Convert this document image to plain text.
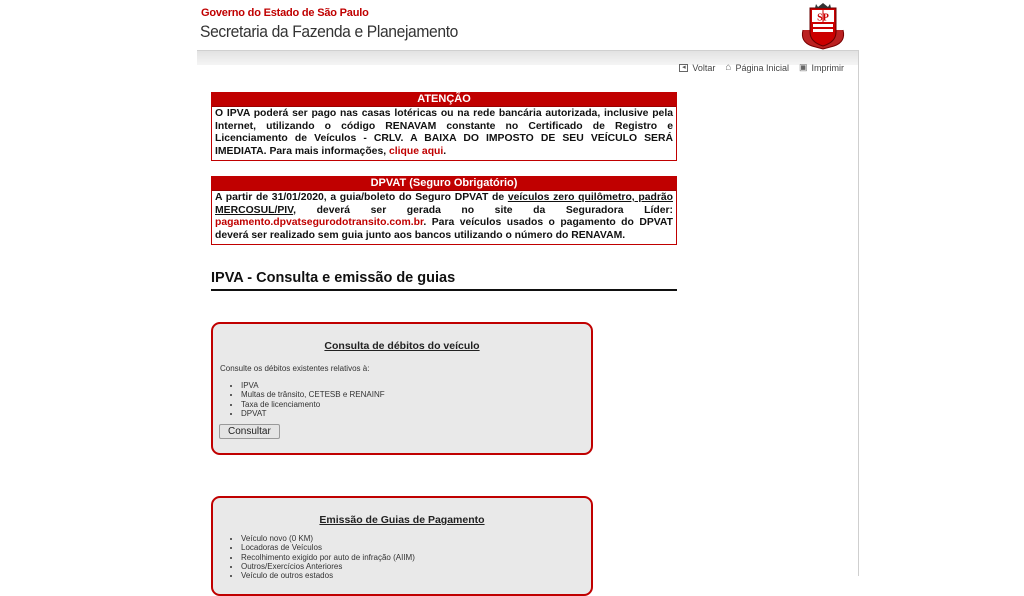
Governo do Estado de São Paulo
Secretaria da Fazenda e Planejamento
SP
◂ Voltar ⌂ Página Inicial ▣ Imprimir
ATENÇÃO
O IPVA poderá ser pago nas casas lotéricas ou na rede bancária autorizada, inclusive pela Internet, utilizando o código RENAVAM constante no Certificado de Registro e Licenciamento de Veículos - CRLV. A BAIXA DO IMPOSTO DE SEU VEÍCULO SERÁ IMEDIATA. Para mais informações, clique aqui.
DPVAT (Seguro Obrigatório)
A partir de 31/01/2020, a guia/boleto do Seguro DPVAT de veículos zero quilômetro, padrão MERCOSUL/PIV, deverá ser gerada no site da Seguradora Líder: pagamento.dpvatsegurodotransito.com.br. Para veículos usados o pagamento do DPVAT deverá ser realizado sem guia junto aos bancos utilizando o número do RENAVAM.
IPVA - Consulta e emissão de guias
Consulta de débitos do veículo
Consulte os débitos existentes relativos à:
• IPVA
• Multas de trânsito, CETESB e RENAINF
• Taxa de licenciamento
• DPVAT
Consultar
Emissão de Guias de Pagamento
• Veículo novo (0 KM)
• Locadoras de Veículos
• Recolhimento exigido por auto de infração (AIIM)
• Outros/Exercícios Anteriores
• Veículo de outros estados
